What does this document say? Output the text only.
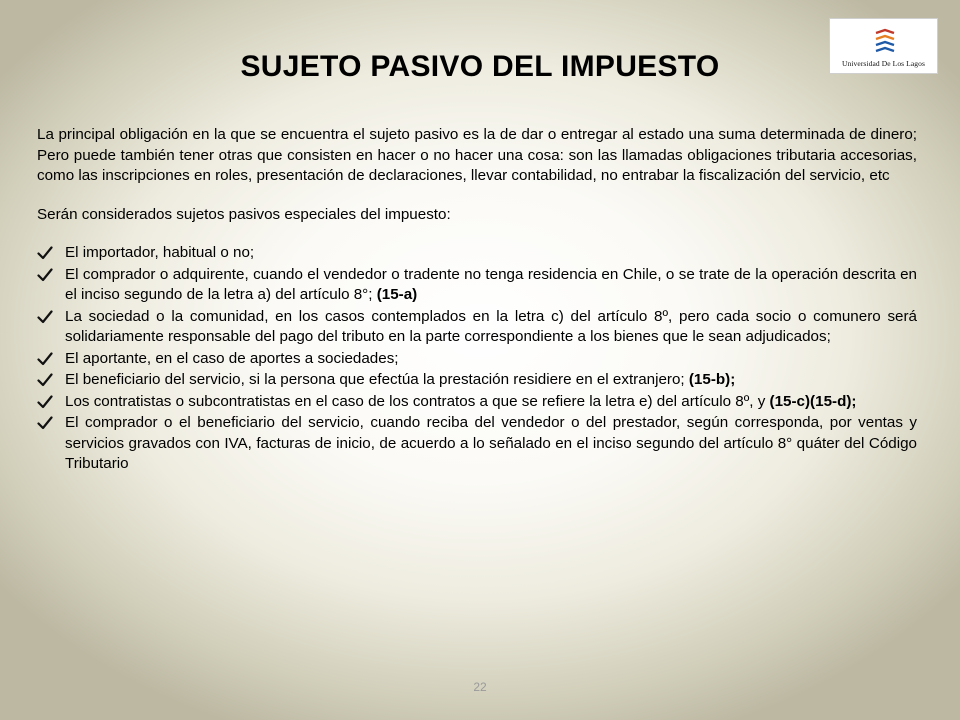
Universidad De Los Lagos
SUJETO PASIVO DEL IMPUESTO

La principal obligación en la que se encuentra el sujeto pasivo es la de dar o entregar al estado una suma determinada de dinero; Pero puede también tener otras que consisten en hacer o no hacer una cosa: son las llamadas obligaciones tributaria accesorias, como las inscripciones en roles, presentación de declaraciones, llevar contabilidad, no entrabar la fiscalización del servicio, etc

Serán considerados sujetos pasivos especiales del impuesto:

El importador, habitual o no;
El comprador o adquirente, cuando el vendedor o tradente no tenga residencia en Chile, o se trate de la operación descrita en el inciso segundo de la letra a) del artículo 8°; (15-a)
La sociedad o la comunidad, en los casos contemplados en la letra c) del artículo 8º, pero cada socio o comunero será solidariamente responsable del pago del tributo en la parte correspondiente a los bienes que le sean adjudicados;
El aportante, en el caso de aportes a sociedades;
El beneficiario del servicio, si la persona que efectúa la prestación residiere en el extranjero; (15-b);
Los contratistas o subcontratistas en el caso de los contratos a que se refiere la letra e) del artículo 8º, y (15-c)(15-d);
El comprador o el beneficiario del servicio, cuando reciba del vendedor o del prestador, según corresponda, por ventas y servicios gravados con IVA, facturas de inicio, de acuerdo a lo señalado en el inciso segundo del artículo 8° quáter del Código Tributario
22
